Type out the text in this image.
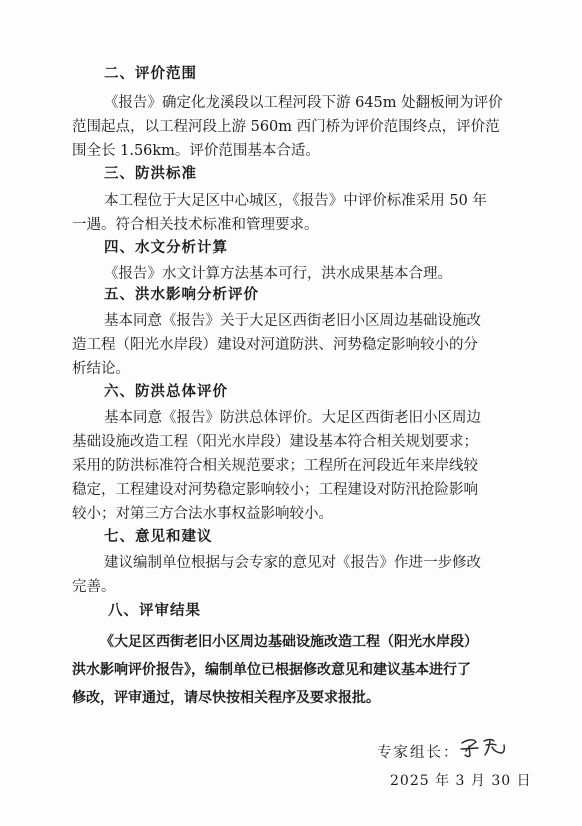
二、评价范围
《报告》确定化龙溪段以工程河段下游 645m 处翻板闸为评价
范围起点，以工程河段上游 560m 西门桥为评价范围终点，评价范
围全长 1.56km。评价范围基本合适。
三、防洪标准
本工程位于大足区中心城区，《报告》中评价标准采用 50 年
一遇。符合相关技术标准和管理要求。
四、水文分析计算
《报告》水文计算方法基本可行，洪水成果基本合理。
五、洪水影响分析评价
基本同意《报告》关于大足区西街老旧小区周边基础设施改
造工程（阳光水岸段）建设对河道防洪、河势稳定影响较小的分
析结论。
六、防洪总体评价
基本同意《报告》防洪总体评价。大足区西街老旧小区周边
基础设施改造工程（阳光水岸段）建设基本符合相关规划要求；
采用的防洪标准符合相关规范要求；工程所在河段近年来岸线较
稳定，工程建设对河势稳定影响较小；工程建设对防汛抢险影响
较小；对第三方合法水事权益影响较小。
七、意见和建议
建议编制单位根据与会专家的意见对《报告》作进一步修改
完善。
八、评审结果
《大足区西街老旧小区周边基础设施改造工程（阳光水岸段）
洪水影响评价报告》，编制单位已根据修改意见和建议基本进行了
修改，评审通过，请尽快按相关程序及要求报批。
专家组长：
2025 年 3 月 30 日
